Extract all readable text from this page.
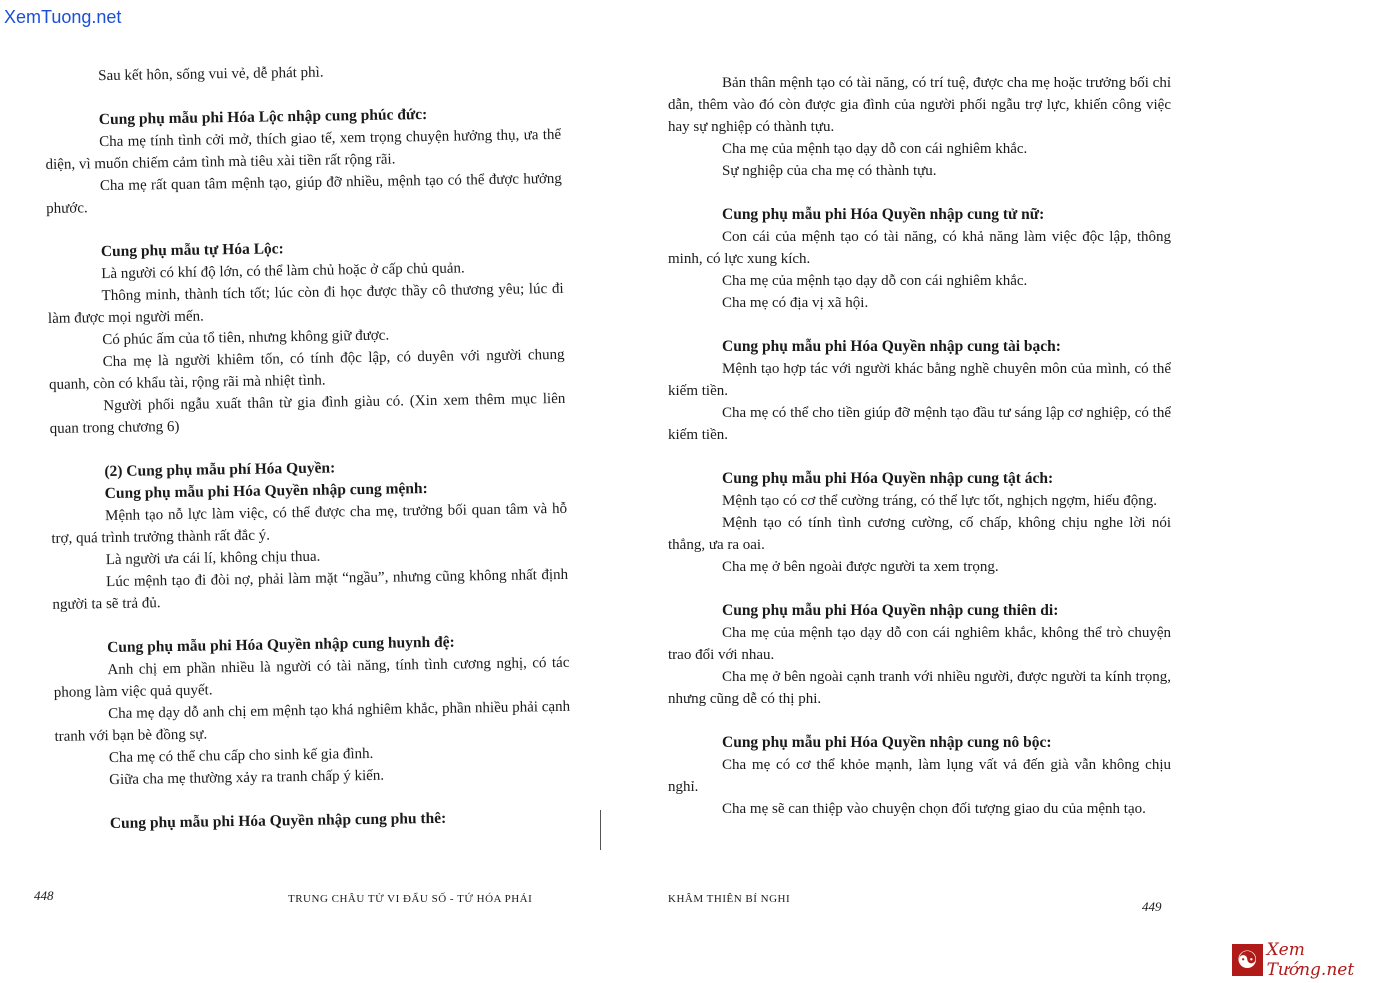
XemTuong.net

Sau kết hôn, sống vui vẻ, dễ phát phì.

Cung phụ mẫu phi Hóa Lộc nhập cung phúc đức:

Cha mẹ tính tình cởi mở, thích giao tế, xem trọng chuyện hưởng thụ, ưa thể diện, vì muốn chiếm cảm tình mà tiêu xài tiền rất rộng rãi.

Cha mẹ rất quan tâm mệnh tạo, giúp đỡ nhiều, mệnh tạo có thể được hưởng phước.

Cung phụ mẫu tự Hóa Lộc:

Là người có khí độ lớn, có thể làm chủ hoặc ở cấp chủ quản.

Thông minh, thành tích tốt; lúc còn đi học được thầy cô thương yêu; lúc đi làm được mọi người mến.

Có phúc ấm của tổ tiên, nhưng không giữ được.

Cha mẹ là người khiêm tốn, có tính độc lập, có duyên với người chung quanh, còn có khẩu tài, rộng rãi mà nhiệt tình.

Người phối ngẫu xuất thân từ gia đình giàu có. (Xin xem thêm mục liên quan trong chương 6)

(2) Cung phụ mẫu phí Hóa Quyền:
Cung phụ mẫu phi Hóa Quyền nhập cung mệnh:

Mệnh tạo nỗ lực làm việc, có thể được cha mẹ, trưởng bối quan tâm và hỗ trợ, quá trình trưởng thành rất đắc ý.

Là người ưa cái lí, không chịu thua.

Lúc mệnh tạo đi đòi nợ, phải làm mặt “ngầu”, nhưng cũng không nhất định người ta sẽ trả đủ.

Cung phụ mẫu phi Hóa Quyền nhập cung huynh đệ:

Anh chị em phần nhiều là người có tài năng, tính tình cương nghị, có tác phong làm việc quả quyết.

Cha mẹ dạy dỗ anh chị em mệnh tạo khá nghiêm khắc, phần nhiều phải cạnh tranh với bạn bè đồng sự.

Cha mẹ có thể chu cấp cho sinh kế gia đình.

Giữa cha mẹ thường xảy ra tranh chấp ý kiến.

Cung phụ mẫu phi Hóa Quyền nhập cung phu thê:
448	TRUNG CHÂU TỬ VI ĐẨU SỐ - TỨ HÓA PHÁI

Bản thân mệnh tạo có tài năng, có trí tuệ, được cha mẹ hoặc trưởng bối chỉ dẫn, thêm vào đó còn được gia đình của người phối ngẫu trợ lực, khiến công việc hay sự nghiệp có thành tựu.

Cha mẹ của mệnh tạo dạy dỗ con cái nghiêm khắc.

Sự nghiệp của cha mẹ có thành tựu.

Cung phụ mẫu phi Hóa Quyền nhập cung tử nữ:

Con cái của mệnh tạo có tài năng, có khả năng làm việc độc lập, thông minh, có lực xung kích.

Cha mẹ của mệnh tạo dạy dỗ con cái nghiêm khắc.

Cha mẹ có địa vị xã hội.

Cung phụ mẫu phi Hóa Quyền nhập cung tài bạch:

Mệnh tạo hợp tác với người khác bằng nghề chuyên môn của mình, có thể kiếm tiền.

Cha mẹ có thể cho tiền giúp đỡ mệnh tạo đầu tư sáng lập cơ nghiệp, có thể kiếm tiền.

Cung phụ mẫu phi Hóa Quyền nhập cung tật ách:

Mệnh tạo có cơ thể cường tráng, có thể lực tốt, nghịch ngợm, hiếu động.

Mệnh tạo có tính tình cương cường, cố chấp, không chịu nghe lời nói thẳng, ưa ra oai.

Cha mẹ ở bên ngoài được người ta xem trọng.

Cung phụ mẫu phi Hóa Quyền nhập cung thiên di:

Cha mẹ của mệnh tạo dạy dỗ con cái nghiêm khắc, không thể trò chuyện trao đổi với nhau.

Cha mẹ ở bên ngoài cạnh tranh với nhiều người, được người ta kính trọng, nhưng cũng dễ có thị phi.

Cung phụ mẫu phi Hóa Quyền nhập cung nô bộc:

Cha mẹ có cơ thể khỏe mạnh, làm lụng vất vả đến già vẫn không chịu nghỉ.

Cha mẹ sẽ can thiệp vào chuyện chọn đối tượng giao du của mệnh tạo.

KHÂM THIÊN BÍ NGHI	449
☯ Xem Tướng.net
